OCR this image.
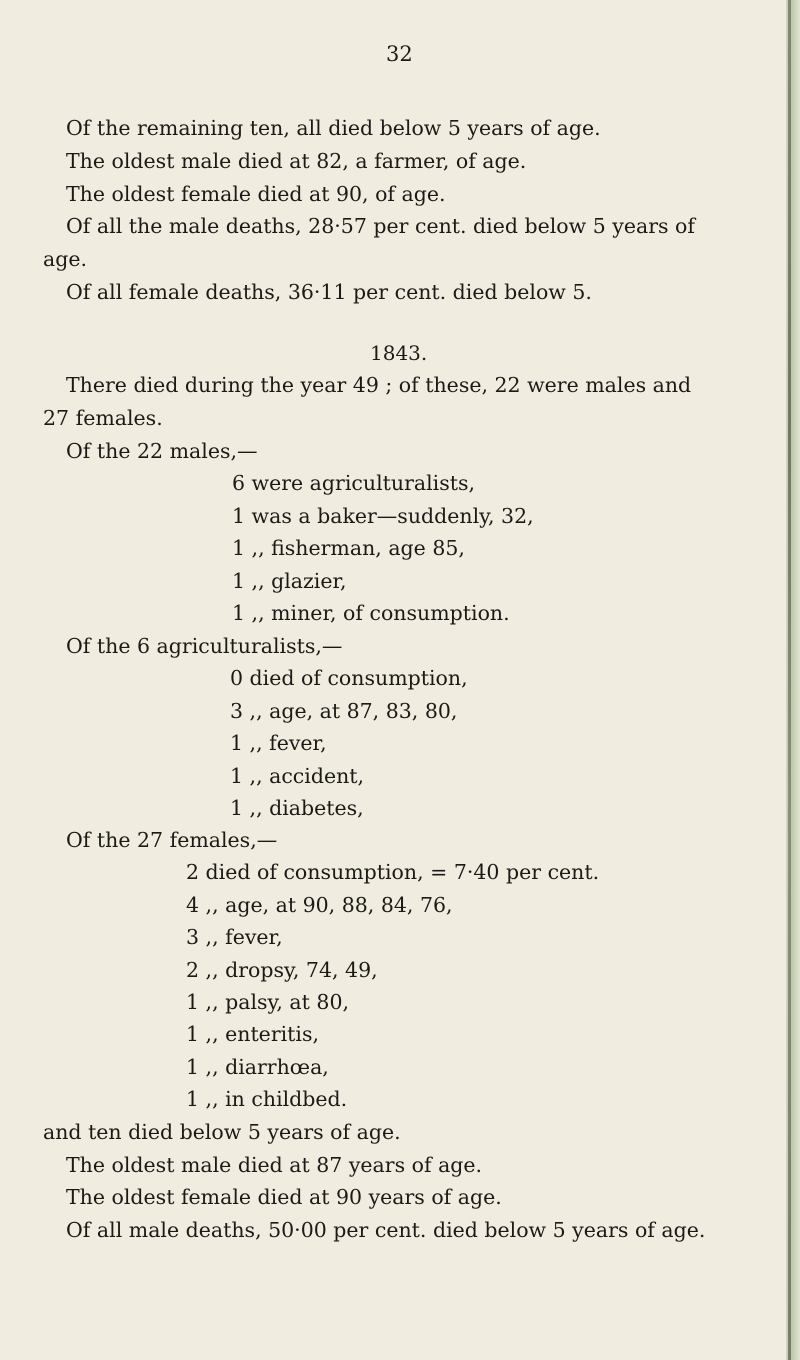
32
Of the remaining ten, all died below 5 years of age.
The oldest male died at 82, a farmer, of age.
The oldest female died at 90, of age.
Of all the male deaths, 28·57 per cent. died below 5 years of
age.
Of all female deaths, 36·11 per cent. died below 5.
1843.
There died during the year 49 ; of these, 22 were males and
27 females.
Of the 22 males,—
6 were agriculturalists,
1 was a baker—suddenly, 32,
1 ,, fisherman, age 85,
1 ,, glazier,
1 ,, miner, of consumption.
Of the 6 agriculturalists,—
0 died of consumption,
3 ,, age, at 87, 83, 80,
1 ,, fever,
1 ,, accident,
1 ,, diabetes,
Of the 27 females,—
2 died of consumption, = 7·40 per cent.
4 ,, age, at 90, 88, 84, 76,
3 ,, fever,
2 ,, dropsy, 74, 49,
1 ,, palsy, at 80,
1 ,, enteritis,
1 ,, diarrhœa,
1 ,, in childbed.
and ten died below 5 years of age.
The oldest male died at 87 years of age.
The oldest female died at 90 years of age.
Of all male deaths, 50·00 per cent. died below 5 years of age.
